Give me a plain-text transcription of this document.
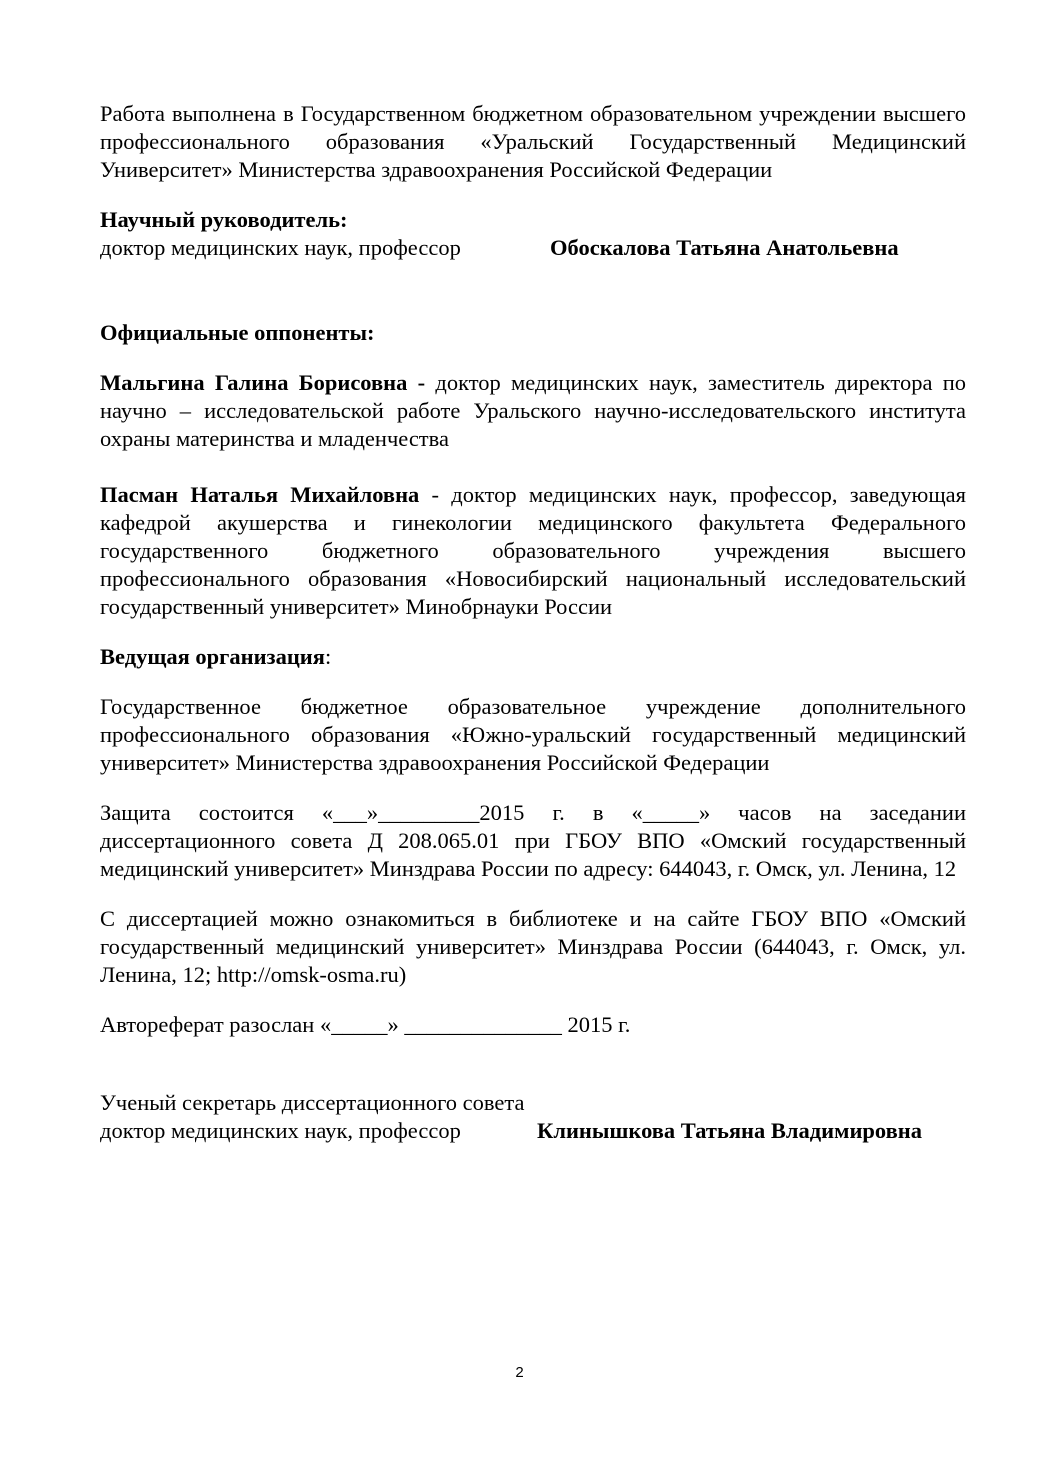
Работа выполнена в Государственном бюджетном образовательном учреждении высшего профессионального образования «Уральский Государственный Медицинский Университет» Министерства здравоохранения Российской Федерации

Научный руководитель:

доктор медицинских наук, профессор	Обоскалова Татьяна Анатольевна

Официальные оппоненты:

Мальгина Галина Борисовна - доктор медицинских наук, заместитель директора по научно – исследовательской работе Уральского научно-исследовательского института охраны материнства и младенчества

Пасман Наталья Михайловна - доктор медицинских наук, профессор, заведующая кафедрой акушерства и гинекологии медицинского факультета Федерального государственного бюджетного образовательного учреждения высшего профессионального образования «Новосибирский национальный исследовательский государственный университет» Минобрнауки России

Ведущая организация:

Государственное бюджетное образовательное учреждение дополнительного профессионального образования «Южно-уральский государственный медицинский университет» Министерства здравоохранения Российской Федерации

Защита состоится «___»_________2015 г. в «_____» часов на заседании диссертационного совета Д 208.065.01 при ГБОУ ВПО «Омский государственный медицинский университет» Минздрава России по адресу: 644043, г. Омск, ул. Ленина, 12

С диссертацией можно ознакомиться в библиотеке и на сайте ГБОУ ВПО «Омский государственный медицинский университет» Минздрава России (644043, г. Омск, ул. Ленина, 12; http://omsk-osma.ru)

Автореферат разослан «_____» ______________ 2015 г.

Ученый секретарь диссертационного совета

доктор медицинских наук, профессор	Клинышкова Татьяна Владимировна
2
